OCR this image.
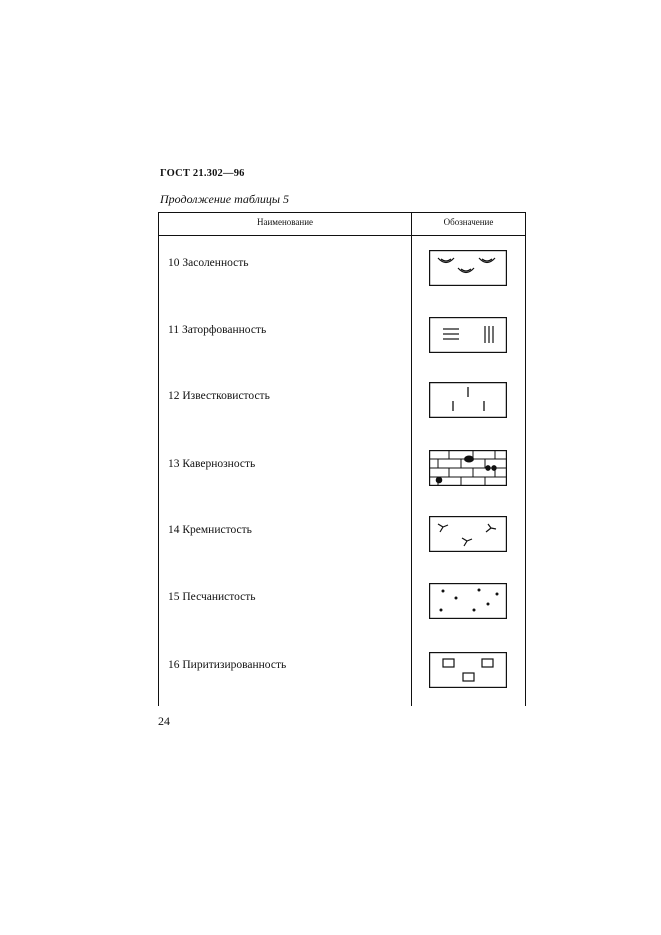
ГОСТ 21.302—96
Продолжение таблицы 5
Наименование	Обозначение
10 Засоленность
11 Заторфованность
12 Известковистость
13 Кавернозность
14 Кремнистость
15 Песчанистость
16 Пиритизированность
24
